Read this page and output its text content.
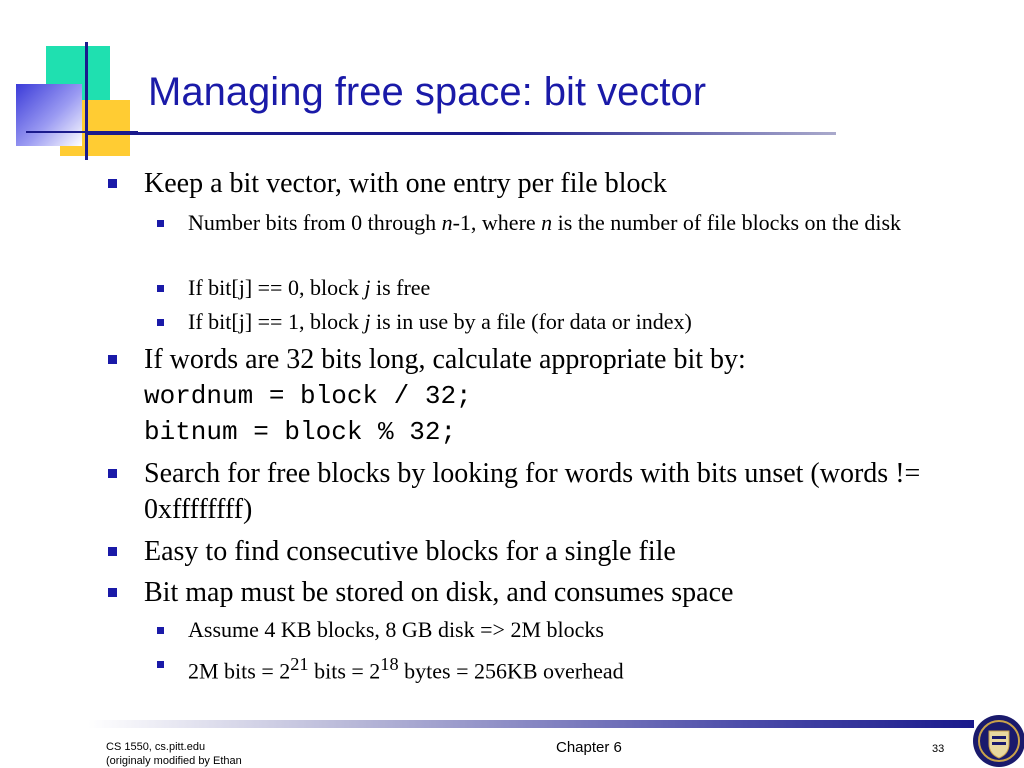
Managing free space: bit vector
Keep a bit vector, with one entry per file block
Number bits from 0 through n-1, where n is the number of file blocks on the disk
If bit[j] == 0, block j is free
If bit[j] == 1, block j is in use by a file (for data or index)
If words are 32 bits long, calculate appropriate bit by:
wordnum = block / 32;
bitnum = block % 32;
Search for free blocks by looking for words with bits unset (words != 0xffffffff)
Easy to find consecutive blocks for a single file
Bit map must be stored on disk, and consumes space
Assume 4 KB blocks, 8 GB disk => 2M blocks
2M bits = $2^{21}$ bits = $2^{18}$ bytes = 256KB overhead
CS 1550, cs.pitt.edu
(originaly modified by Ethan
Chapter 6	33
